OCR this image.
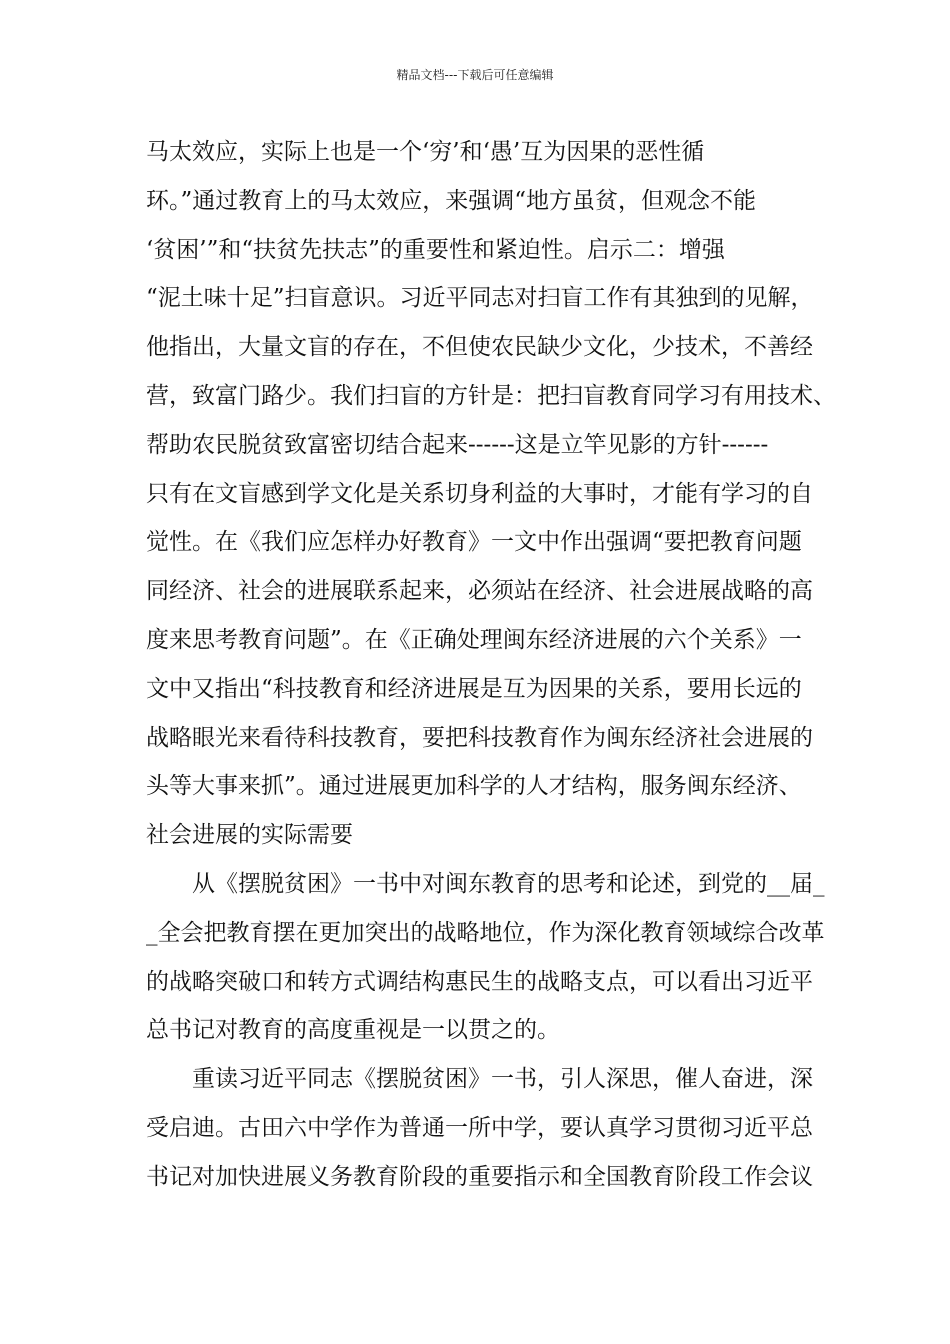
精品文档---下载后可任意编辑
马太效应，实际上也是一个‘穷’和‘愚’互为因果的恶性循
环。”通过教育上的马太效应，来强调“地方虽贫，但观念不能
‘贫困’”和“扶贫先扶志”的重要性和紧迫性。启示二：增强
“泥土味十足”扫盲意识。习近平同志对扫盲工作有其独到的见解，
他指出，大量文盲的存在，不但使农民缺少文化，少技术，不善经
营，致富门路少。我们扫盲的方针是：把扫盲教育同学习有用技术、
帮助农民脱贫致富密切结合起来------这是立竿见影的方针------
只有在文盲感到学文化是关系切身利益的大事时，才能有学习的自
觉性。在《我们应怎样办好教育》一文中作出强调“要把教育问题
同经济、社会的进展联系起来，必须站在经济、社会进展战略的高
度来思考教育问题”。在《正确处理闽东经济进展的六个关系》一
文中又指出“科技教育和经济进展是互为因果的关系，要用长远的
战略眼光来看待科技教育，要把科技教育作为闽东经济社会进展的
头等大事来抓”。通过进展更加科学的人才结构，服务闽东经济、
社会进展的实际需要
　　从《摆脱贫困》一书中对闽东教育的思考和论述，到党的__届_
_全会把教育摆在更加突出的战略地位，作为深化教育领域综合改革
的战略突破口和转方式调结构惠民生的战略支点，可以看出习近平
总书记对教育的高度重视是一以贯之的。
　　重读习近平同志《摆脱贫困》一书，引人深思，催人奋进，深
受启迪。古田六中学作为普通一所中学，要认真学习贯彻习近平总
书记对加快进展义务教育阶段的重要指示和全国教育阶段工作会议
